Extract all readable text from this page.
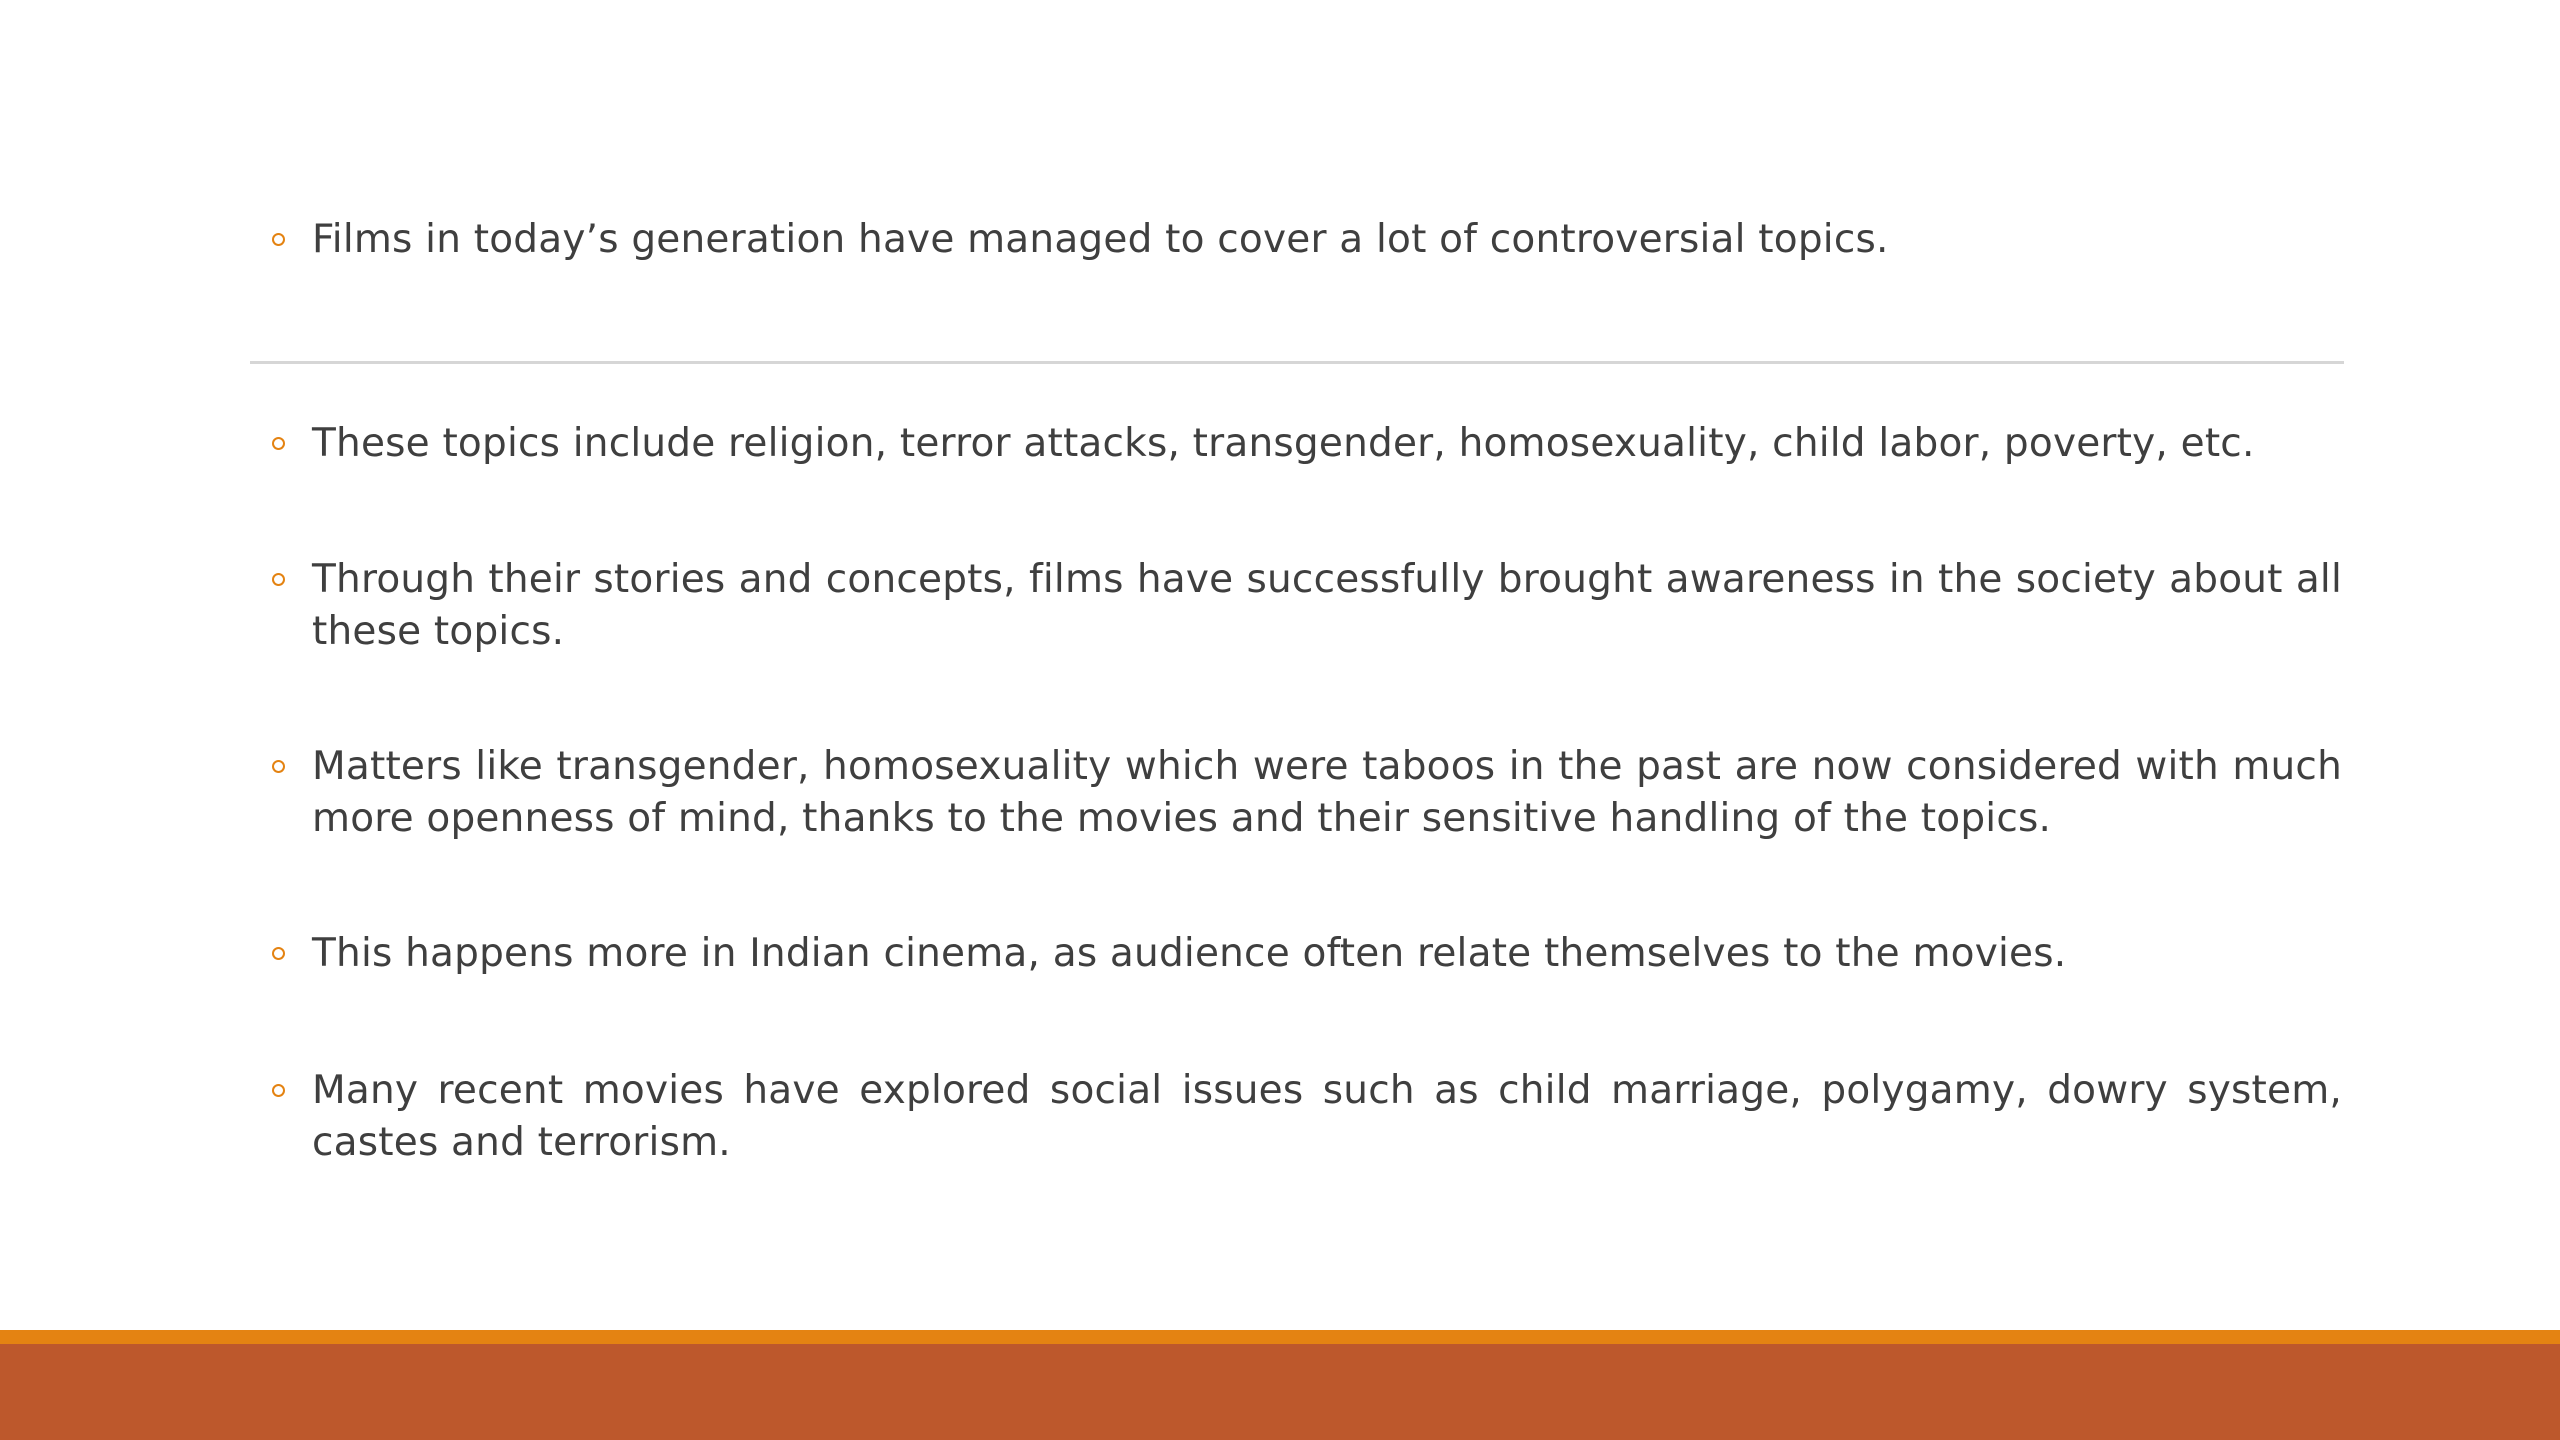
Films in today’s generation have managed to cover a lot of controversial topics.
These topics include religion, terror attacks, transgender, homosexuality, child labor, poverty, etc.
Through their stories and concepts, films have successfully brought awareness in the society about all these topics.
Matters like transgender, homosexuality which were taboos in the past are now considered with much more openness of mind, thanks to the movies and their sensitive handling of the topics.
This happens more in Indian cinema, as audience often relate themselves to the movies.
Many recent movies have explored social issues such as child marriage, polygamy, dowry system, castes and terrorism.
